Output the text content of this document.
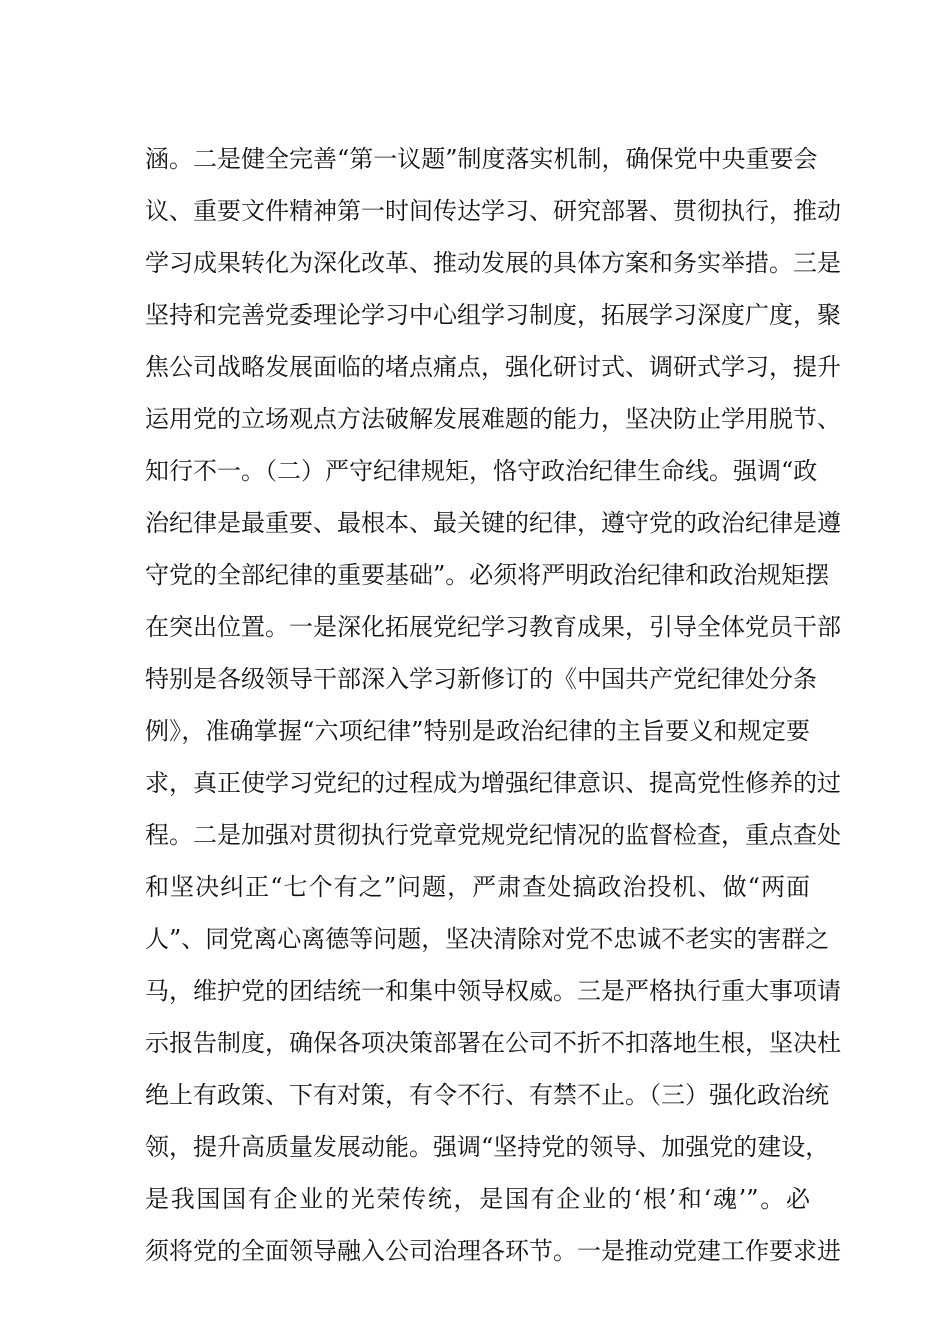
涵。二是健全完善“第一议题”制度落实机制，确保党中央重要会
议、重要文件精神第一时间传达学习、研究部署、贯彻执行，推动
学习成果转化为深化改革、推动发展的具体方案和务实举措。三是
坚持和完善党委理论学习中心组学习制度，拓展学习深度广度，聚
焦公司战略发展面临的堵点痛点，强化研讨式、调研式学习，提升
运用党的立场观点方法破解发展难题的能力，坚决防止学用脱节、
知行不一。（二）严守纪律规矩，恪守政治纪律生命线。强调“政
治纪律是最重要、最根本、最关键的纪律，遵守党的政治纪律是遵
守党的全部纪律的重要基础”。必须将严明政治纪律和政治规矩摆
在突出位置。一是深化拓展党纪学习教育成果，引导全体党员干部
特别是各级领导干部深入学习新修订的《中国共产党纪律处分条
例》，准确掌握“六项纪律”特别是政治纪律的主旨要义和规定要
求，真正使学习党纪的过程成为增强纪律意识、提高党性修养的过
程。二是加强对贯彻执行党章党规党纪情况的监督检查，重点查处
和坚决纠正“七个有之”问题，严肃查处搞政治投机、做“两面
人”、同党离心离德等问题，坚决清除对党不忠诚不老实的害群之
马，维护党的团结统一和集中领导权威。三是严格执行重大事项请
示报告制度，确保各项决策部署在公司不折不扣落地生根，坚决杜
绝上有政策、下有对策，有令不行、有禁不止。（三）强化政治统
领，提升高质量发展动能。强调“坚持党的领导、加强党的建设，
是我国国有企业的光荣传统，是国有企业的‘根’和‘魂’”。必
须将党的全面领导融入公司治理各环节。一是推动党建工作要求进
